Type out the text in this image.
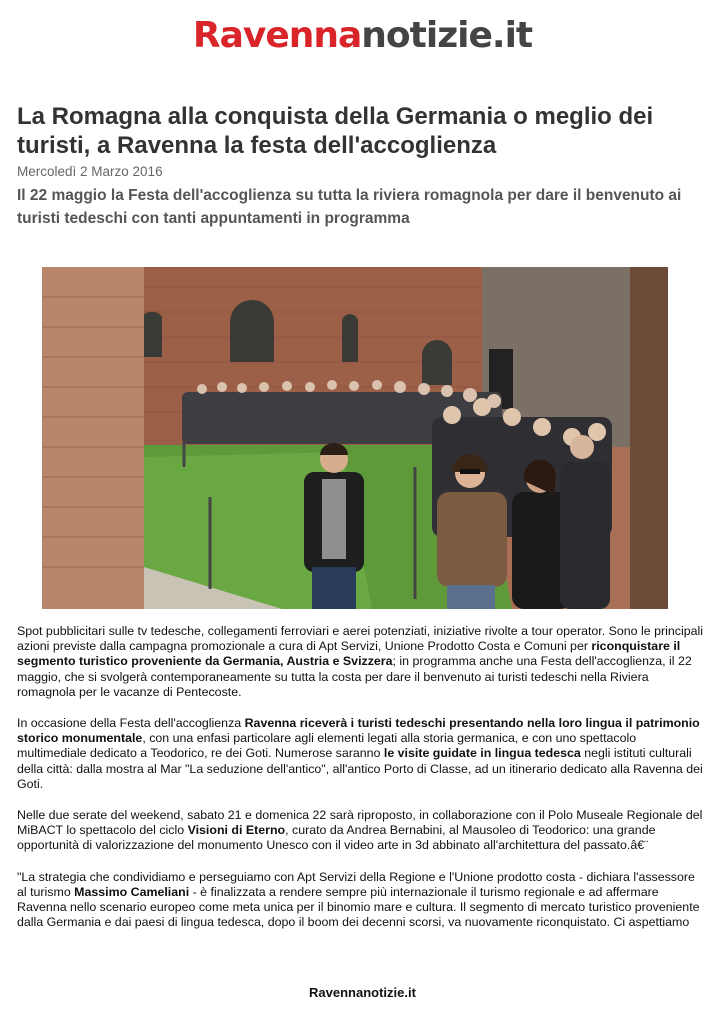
Ravennanotizie.it
La Romagna alla conquista della Germania o meglio dei turisti, a Ravenna la festa dell'accoglienza
Mercoledì 2 Marzo 2016
Il 22 maggio la Festa dell'accoglienza su tutta la riviera romagnola per dare il benvenuto ai turisti tedeschi con tanti appuntamenti in programma

Spot pubblicitari sulle tv tedesche, collegamenti ferroviari e aerei potenziati, iniziative rivolte a tour operator. Sono le principali azioni previste dalla campagna promozionale a cura di Apt Servizi, Unione Prodotto Costa e Comuni per riconquistare il segmento turistico proveniente da Germania, Austria e Svizzera; in programma anche una Festa dell'accoglienza, il 22 maggio, che si svolgerà contemporaneamente su tutta la costa per dare il benvenuto ai turisti tedeschi nella Riviera romagnola per le vacanze di Pentecoste.

In occasione della Festa dell'accoglienza Ravenna riceverà i turisti tedeschi presentando nella loro lingua il patrimonio storico monumentale, con una enfasi particolare agli elementi legati alla storia germanica, e con uno spettacolo multimediale dedicato a Teodorico, re dei Goti. Numerose saranno le visite guidate in lingua tedesca negli istituti culturali della città: dalla mostra al Mar "La seduzione dell'antico", all'antico Porto di Classe, ad un itinerario dedicato alla Ravenna dei Goti.

Nelle due serate del weekend, sabato 21 e domenica 22 sarà riproposto, in collaborazione con il Polo Museale Regionale del MiBACT lo spettacolo del ciclo Visioni di Eterno, curato da Andrea Bernabini, al Mausoleo di Teodorico: una grande opportunità di valorizzazione del monumento Unesco con il video arte in 3d abbinato all'architettura del passato.â€¨

"La strategia che condividiamo e perseguiamo con Apt Servizi della Regione e l'Unione prodotto costa - dichiara l'assessore al turismo Massimo Cameliani - è finalizzata a rendere sempre più internazionale il turismo regionale e ad affermare Ravenna nello scenario europeo come meta unica per il binomio mare e cultura. Il segmento di mercato turistico proveniente dalla Germania e dai paesi di lingua tedesca, dopo il boom dei decenni scorsi, va nuovamente riconquistato. Ci aspettiamo

Ravennanotizie.it
